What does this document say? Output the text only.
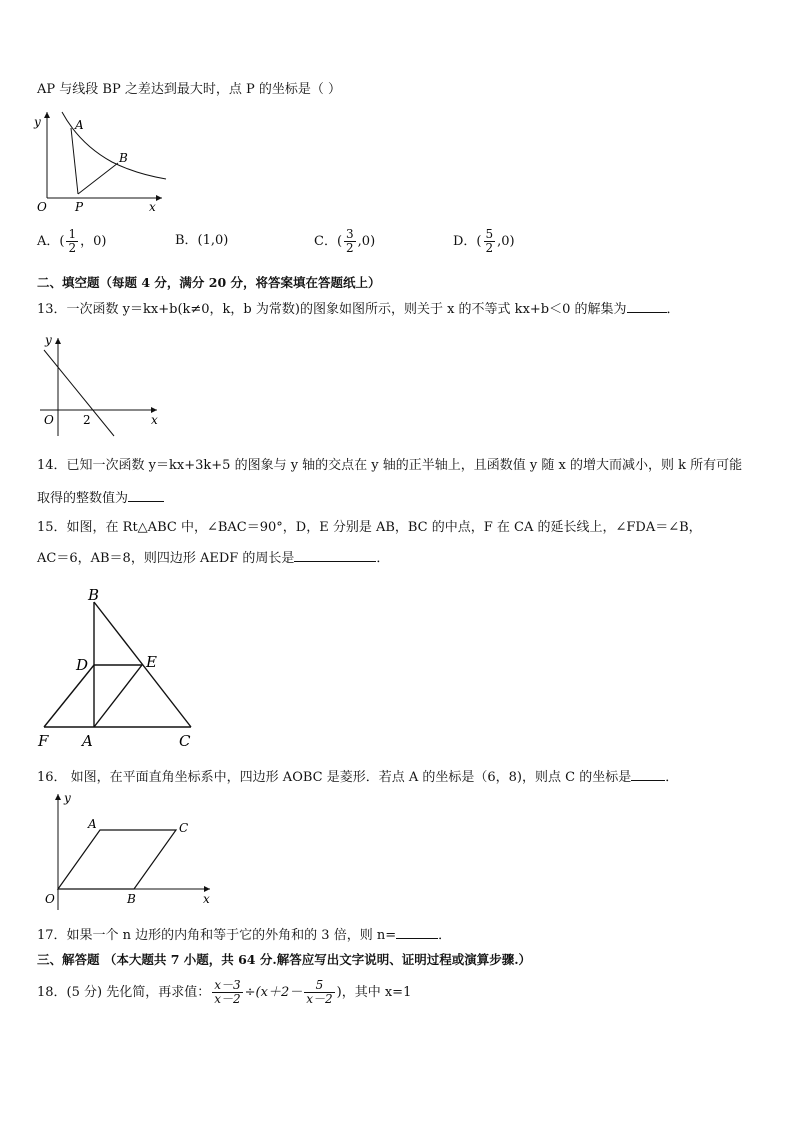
AP 与线段 BP 之差达到最大时，点 P 的坐标是（ ）
y	A
B
O P	x
A．( $\frac{1}{2}$ ，0)	B．(1,0)	C．( $\frac{3}{2} ,0$)	D．( $\frac{5}{2} ,0$)
二、填空题（每题 4 分，满分 20 分，将答案填在答题纸上）
13．一次函数 y＝kx+b(k≠0，k，b 为常数)的图象如图所示，则关于 x 的不等式 kx+b＜0 的解集为	．
y
O 2	x
14．已知一次函数 y＝kx+3k+5 的图象与 y 轴的交点在 y 轴的正半轴上，且函数值 y 随 x 的增大而减小，则 k 所有可能
取得的整数值为
15．如图，在 Rt△ABC 中，∠BAC＝90°，D，E 分别是 AB，BC 的中点，F 在 CA 的延长线上，∠FDA＝∠B，
AC＝6，AB＝8，则四边形 AEDF 的周长是	．
B
D	E
F A	C
16． 如图，在平面直角坐标系中，四边形 AOBC 是菱形．若点 A 的坐标是（6，8)，则点 C 的坐标是	．
y
A	C
O	B	x
17．如果一个 n 边形的内角和等于它的外角和的 3 倍，则 n=	．
三、解答题 （本大题共 7 小题，共 64 分.解答应写出文字说明、证明过程或演算步骤.）
18．(5 分) 先化简，再求值： $\frac{x-3}{x-2} \div(x+2- \frac{5}{x-2}$ )，其中 x=1
